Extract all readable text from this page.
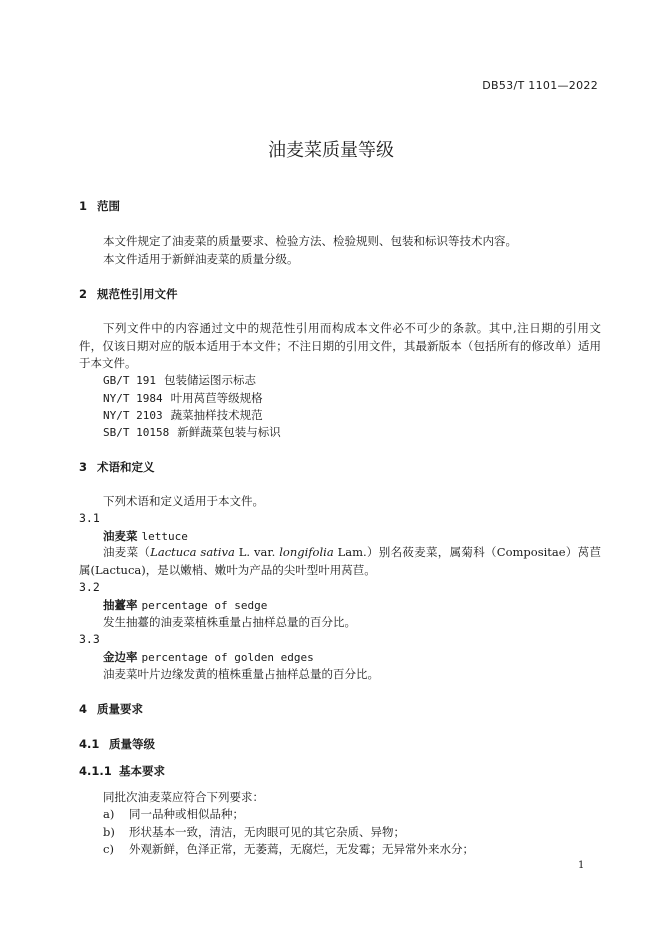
DB53/T 1101—2022
油麦菜质量等级
1 范围
本文件规定了油麦菜的质量要求、检验方法、检验规则、包装和标识等技术内容。
本文件适用于新鲜油麦菜的质量分级。
2 规范性引用文件
下列文件中的内容通过文中的规范性引用而构成本文件必不可少的条款。其中,注日期的引用文件，仅该日期对应的版本适用于本文件；不注日期的引用文件，其最新版本（包括所有的修改单）适用于本文件。
GB/T 191 包装储运图示标志
NY/T 1984 叶用莴苣等级规格
NY/T 2103 蔬菜抽样技术规范
SB/T 10158 新鲜蔬菜包装与标识
3 术语和定义
下列术语和定义适用于本文件。
3.1
油麦菜 lettuce
油麦菜（Lactuca sativa L. var. longifolia Lam.）别名莜麦菜，属菊科（Compositae）莴苣属(Lactuca)，是以嫩梢、嫩叶为产品的尖叶型叶用莴苣。
3.2
抽薹率 percentage of sedge
发生抽薹的油麦菜植株重量占抽样总量的百分比。
3.3
金边率 percentage of golden edges
油麦菜叶片边缘发黄的植株重量占抽样总量的百分比。
4 质量要求
4.1 质量等级
4.1.1 基本要求
同批次油麦菜应符合下列要求：
a) 同一品种或相似品种；
b) 形状基本一致，清洁，无肉眼可见的其它杂质、异物；
c) 外观新鲜，色泽正常，无萎蔫，无腐烂，无发霉；无异常外来水分；
1
